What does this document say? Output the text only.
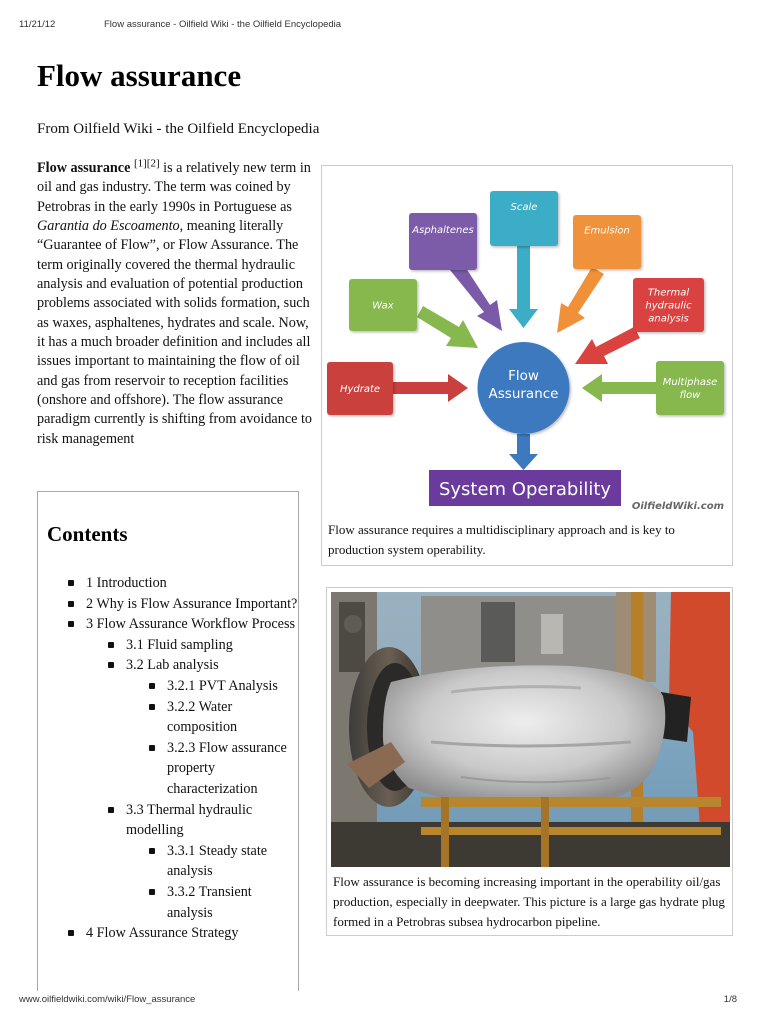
11/21/12	Flow assurance - Oilfield Wiki - the Oilfield Encyclopedia
Flow assurance
From Oilfield Wiki - the Oilfield Encyclopedia

Flow assurance [1][2] is a relatively new term in oil and gas industry. The term was coined by Petrobras in the early 1990s in Portuguese as Garantia do Escoamento, meaning literally “Guarantee of Flow”, or Flow Assurance. The term originally covered the thermal hydraulic analysis and evaluation of potential production problems associated with solids formation, such as waxes, asphaltenes, hydrates and scale. Now, it has a much broader definition and includes all issues important to maintaining the flow of oil and gas from reservoir to reception facilities (onshore and offshore). The flow assurance paradigm currently is shifting from avoidance to risk management

Contents
1 Introduction
2 Why is Flow Assurance Important?
3 Flow Assurance Workflow Process
3.1 Fluid sampling
3.2 Lab analysis
3.2.1 PVT Analysis
3.2.2 Water composition
3.2.3 Flow assurance property characterization
3.3 Thermal hydraulic modelling
3.3.1 Steady state analysis
3.3.2 Transient analysis
4 Flow Assurance Strategy
Scale
Asphaltenes	Emulsion
Wax
Thermal hydraulic analysis
Hydrate
Multiphase flow
Flow Assurance
System Operability
OilfieldWiki.com
Flow assurance requires a multidisciplinary approach and is key to production system operability.
Flow assurance is becoming increasing important in the operability oil/gas production, especially in deepwater. This picture is a large gas hydrate plug formed in a Petrobras subsea hydrocarbon pipeline.
www.oilfieldwiki.com/wiki/Flow_assurance	1/8
